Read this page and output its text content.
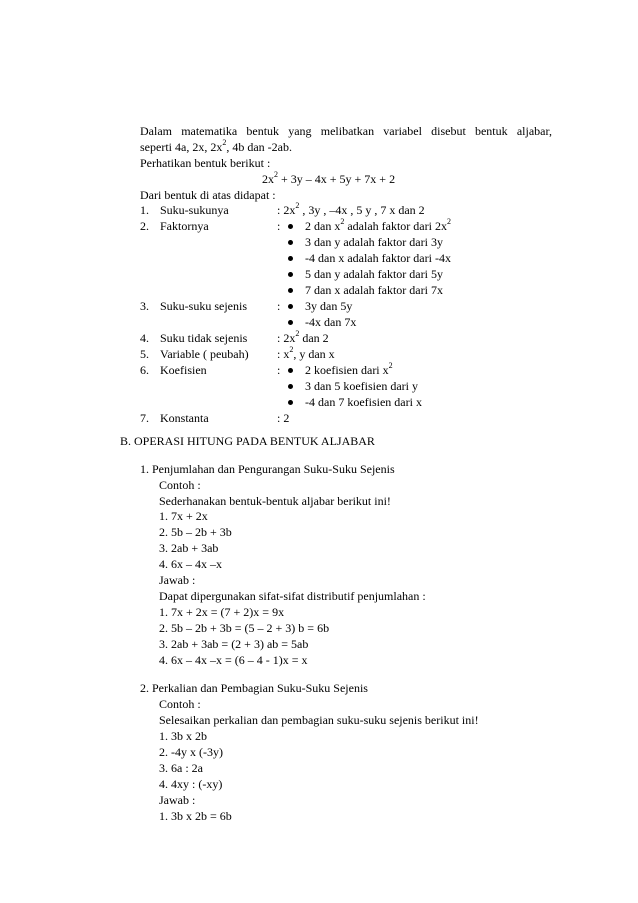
Dalam matematika bentuk yang melibatkan variabel disebut bentuk aljabar,
seperti 4a, 2x, $2x^2$, 4b dan -2ab.
Perhatikan bentuk berikut :
$2x^2 + 3y - 4x + 5y + 7x + 2$
Dari bentuk di atas didapat :
1. Suku-sukunya	: $2x^2$ , 3y , –4x , 5 y , 7 x dan 2
2. Faktornya	: 2 dan $x^2$ adalah faktor dari $2x^2$
3 dan y adalah faktor dari 3y
-4 dan x adalah faktor dari -4x
5 dan y adalah faktor dari 5y
7 dan x adalah faktor dari 7x
3. Suku-suku sejenis	: 3y dan 5y
-4x dan 7x
4. Suku tidak sejenis : $2x^2$ dan 2
5. Variable ( peubah) : $x^2$, y dan x
6. Koefisien	: 2 koefisien dari $x^2$
3 dan 5 koefisien dari y
-4 dan 7 koefisien dari x
7. Konstanta	: 2
B. OPERASI HITUNG PADA BENTUK ALJABAR
1. Penjumlahan dan Pengurangan Suku-Suku Sejenis
Contoh :
Sederhanakan bentuk-bentuk aljabar berikut ini!
1. 7x + 2x
2. 5b – 2b + 3b
3. 2ab + 3ab
4. 6x – 4x –x
Jawab :
Dapat dipergunakan sifat-sifat distributif penjumlahan :
1. 7x + 2x = (7 + 2)x = 9x
2. 5b – 2b + 3b = (5 – 2 + 3) b = 6b
3. 2ab + 3ab = (2 + 3) ab = 5ab
4. 6x – 4x –x = (6 – 4 - 1)x = x
2. Perkalian dan Pembagian Suku-Suku Sejenis
Contoh :
Selesaikan perkalian dan pembagian suku-suku sejenis berikut ini!
1. 3b x 2b
2. -4y x (-3y)
3. 6a : 2a
4. 4xy : (-xy)
Jawab :
1. 3b x 2b = 6b
